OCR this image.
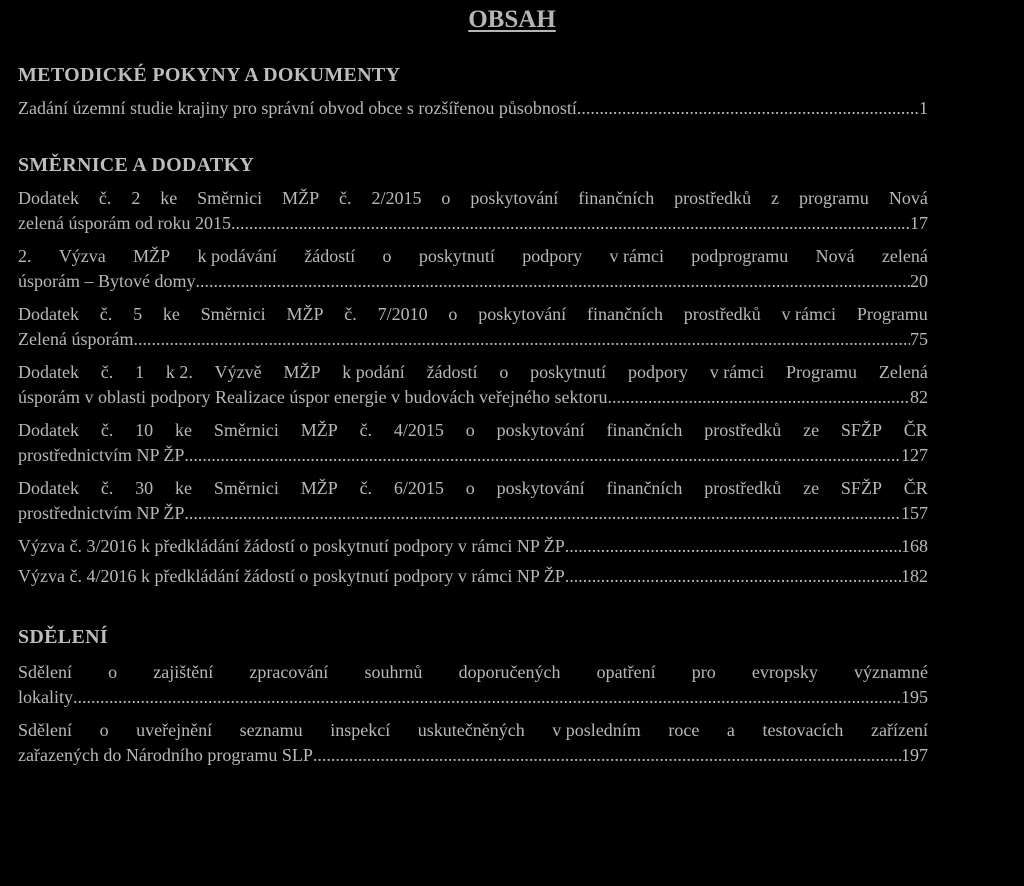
OBSAH
METODICKÉ POKYNY A DOKUMENTY
Zadání územní studie krajiny pro správní obvod obce s rozšířenou působností .....	1
SMĚRNICE A DODATKY
Dodatek č. 2 ke Směrnici MŽP č. 2/2015 o poskytování finančních prostředků z programu Nová
zelená úsporám od roku 2015 .....	..17
2. Výzva MŽP k podávání žádostí o poskytnutí podpory v rámci podprogramu Nová zelená
úsporám – Bytové domy .....	20
Dodatek č. 5 ke Směrnici MŽP č. 7/2010 o poskytování finančních prostředků v rámci Programu
Zelená úsporám .....	75
Dodatek č. 1 k 2. Výzvě MŽP k podání žádostí o poskytnutí podpory v rámci Programu Zelená
úsporám v oblasti podpory Realizace úspor energie v budovách veřejného sektoru .....	82
Dodatek č. 10 ke Směrnici MŽP č. 4/2015 o poskytování finančních prostředků ze SFŽP ČR
prostřednictvím NP ŽP .....	127
Dodatek č. 30 ke Směrnici MŽP č. 6/2015 o poskytování finančních prostředků ze SFŽP ČR
prostřednictvím NP ŽP .....	157
Výzva č. 3/2016 k předkládání žádostí o poskytnutí podpory v rámci NP ŽP .....	168
Výzva č. 4/2016 k předkládání žádostí o poskytnutí podpory v rámci NP ŽP .....	182
SDĚLENÍ
Sdělení o zajištění zpracování souhrnů doporučených opatření pro evropsky významné
lokality .....	195
Sdělení o uveřejnění seznamu inspekcí uskutečněných v posledním roce a testovacích zařízení
zařazených do Národního programu SLP .....	197
